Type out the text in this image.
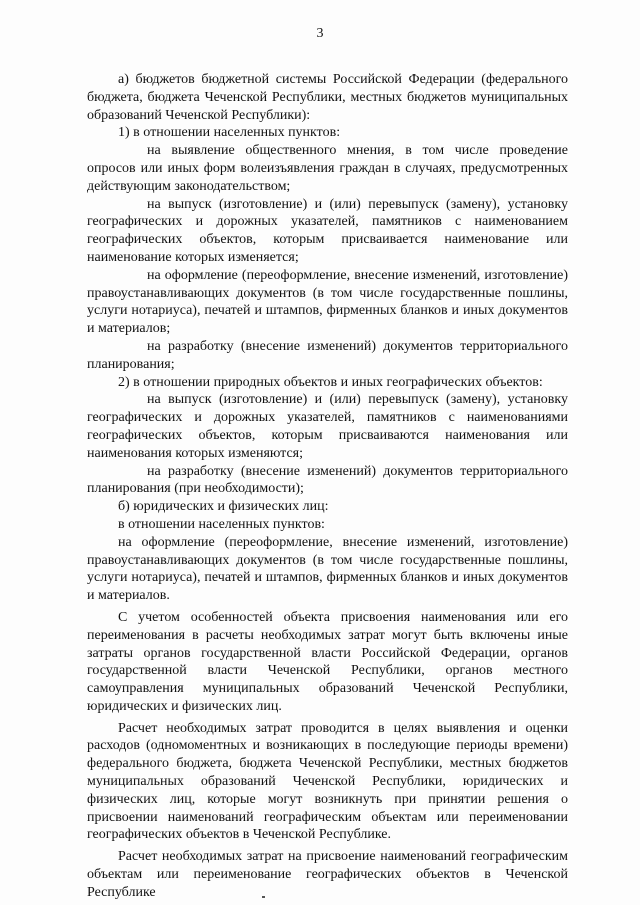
3

а) бюджетов бюджетной системы Российской Федерации (федерального бюджета, бюджета Чеченской Республики, местных бюджетов муниципальных образований Чеченской Республики):

1) в отношении населенных пунктов:

на выявление общественного мнения, в том числе проведение опросов или иных форм волеизъявления граждан в случаях, предусмотренных действующим законодательством;

на выпуск (изготовление) и (или) перевыпуск (замену), установку географических и дорожных указателей, памятников с наименованием географических объектов, которым присваивается наименование или наименование которых изменяется;

на оформление (переоформление, внесение изменений, изготовление) правоустанавливающих документов (в том числе государственные пошлины, услуги нотариуса), печатей и штампов, фирменных бланков и иных документов и материалов;

на разработку (внесение изменений) документов территориального планирования;

2) в отношении природных объектов и иных географических объектов:

на выпуск (изготовление) и (или) перевыпуск (замену), установку географических и дорожных указателей, памятников с наименованиями географических объектов, которым присваиваются наименования или наименования которых изменяются;

на разработку (внесение изменений) документов территориального планирования (при необходимости);

б) юридических и физических лиц:

в отношении населенных пунктов:

на оформление (переоформление, внесение изменений, изготовление) правоустанавливающих документов (в том числе государственные пошлины, услуги нотариуса), печатей и штампов, фирменных бланков и иных документов и материалов.

С учетом особенностей объекта присвоения наименования или его переименования в расчеты необходимых затрат могут быть включены иные затраты органов государственной власти Российской Федерации, органов государственной власти Чеченской Республики, органов местного самоуправления муниципальных образований Чеченской Республики, юридических и физических лиц.

Расчет необходимых затрат проводится в целях выявления и оценки расходов (одномоментных и возникающих в последующие периоды времени) федерального бюджета, бюджета Чеченской Республики, местных бюджетов муниципальных образований Чеченской Республики, юридических и физических лиц, которые могут возникнуть при принятии решения о присвоении наименований географическим объектам или переименовании географических объектов в Чеченской Республике.

Расчет необходимых затрат на присвоение наименований географическим объектам или переименование географических объектов в Чеченской Республике
